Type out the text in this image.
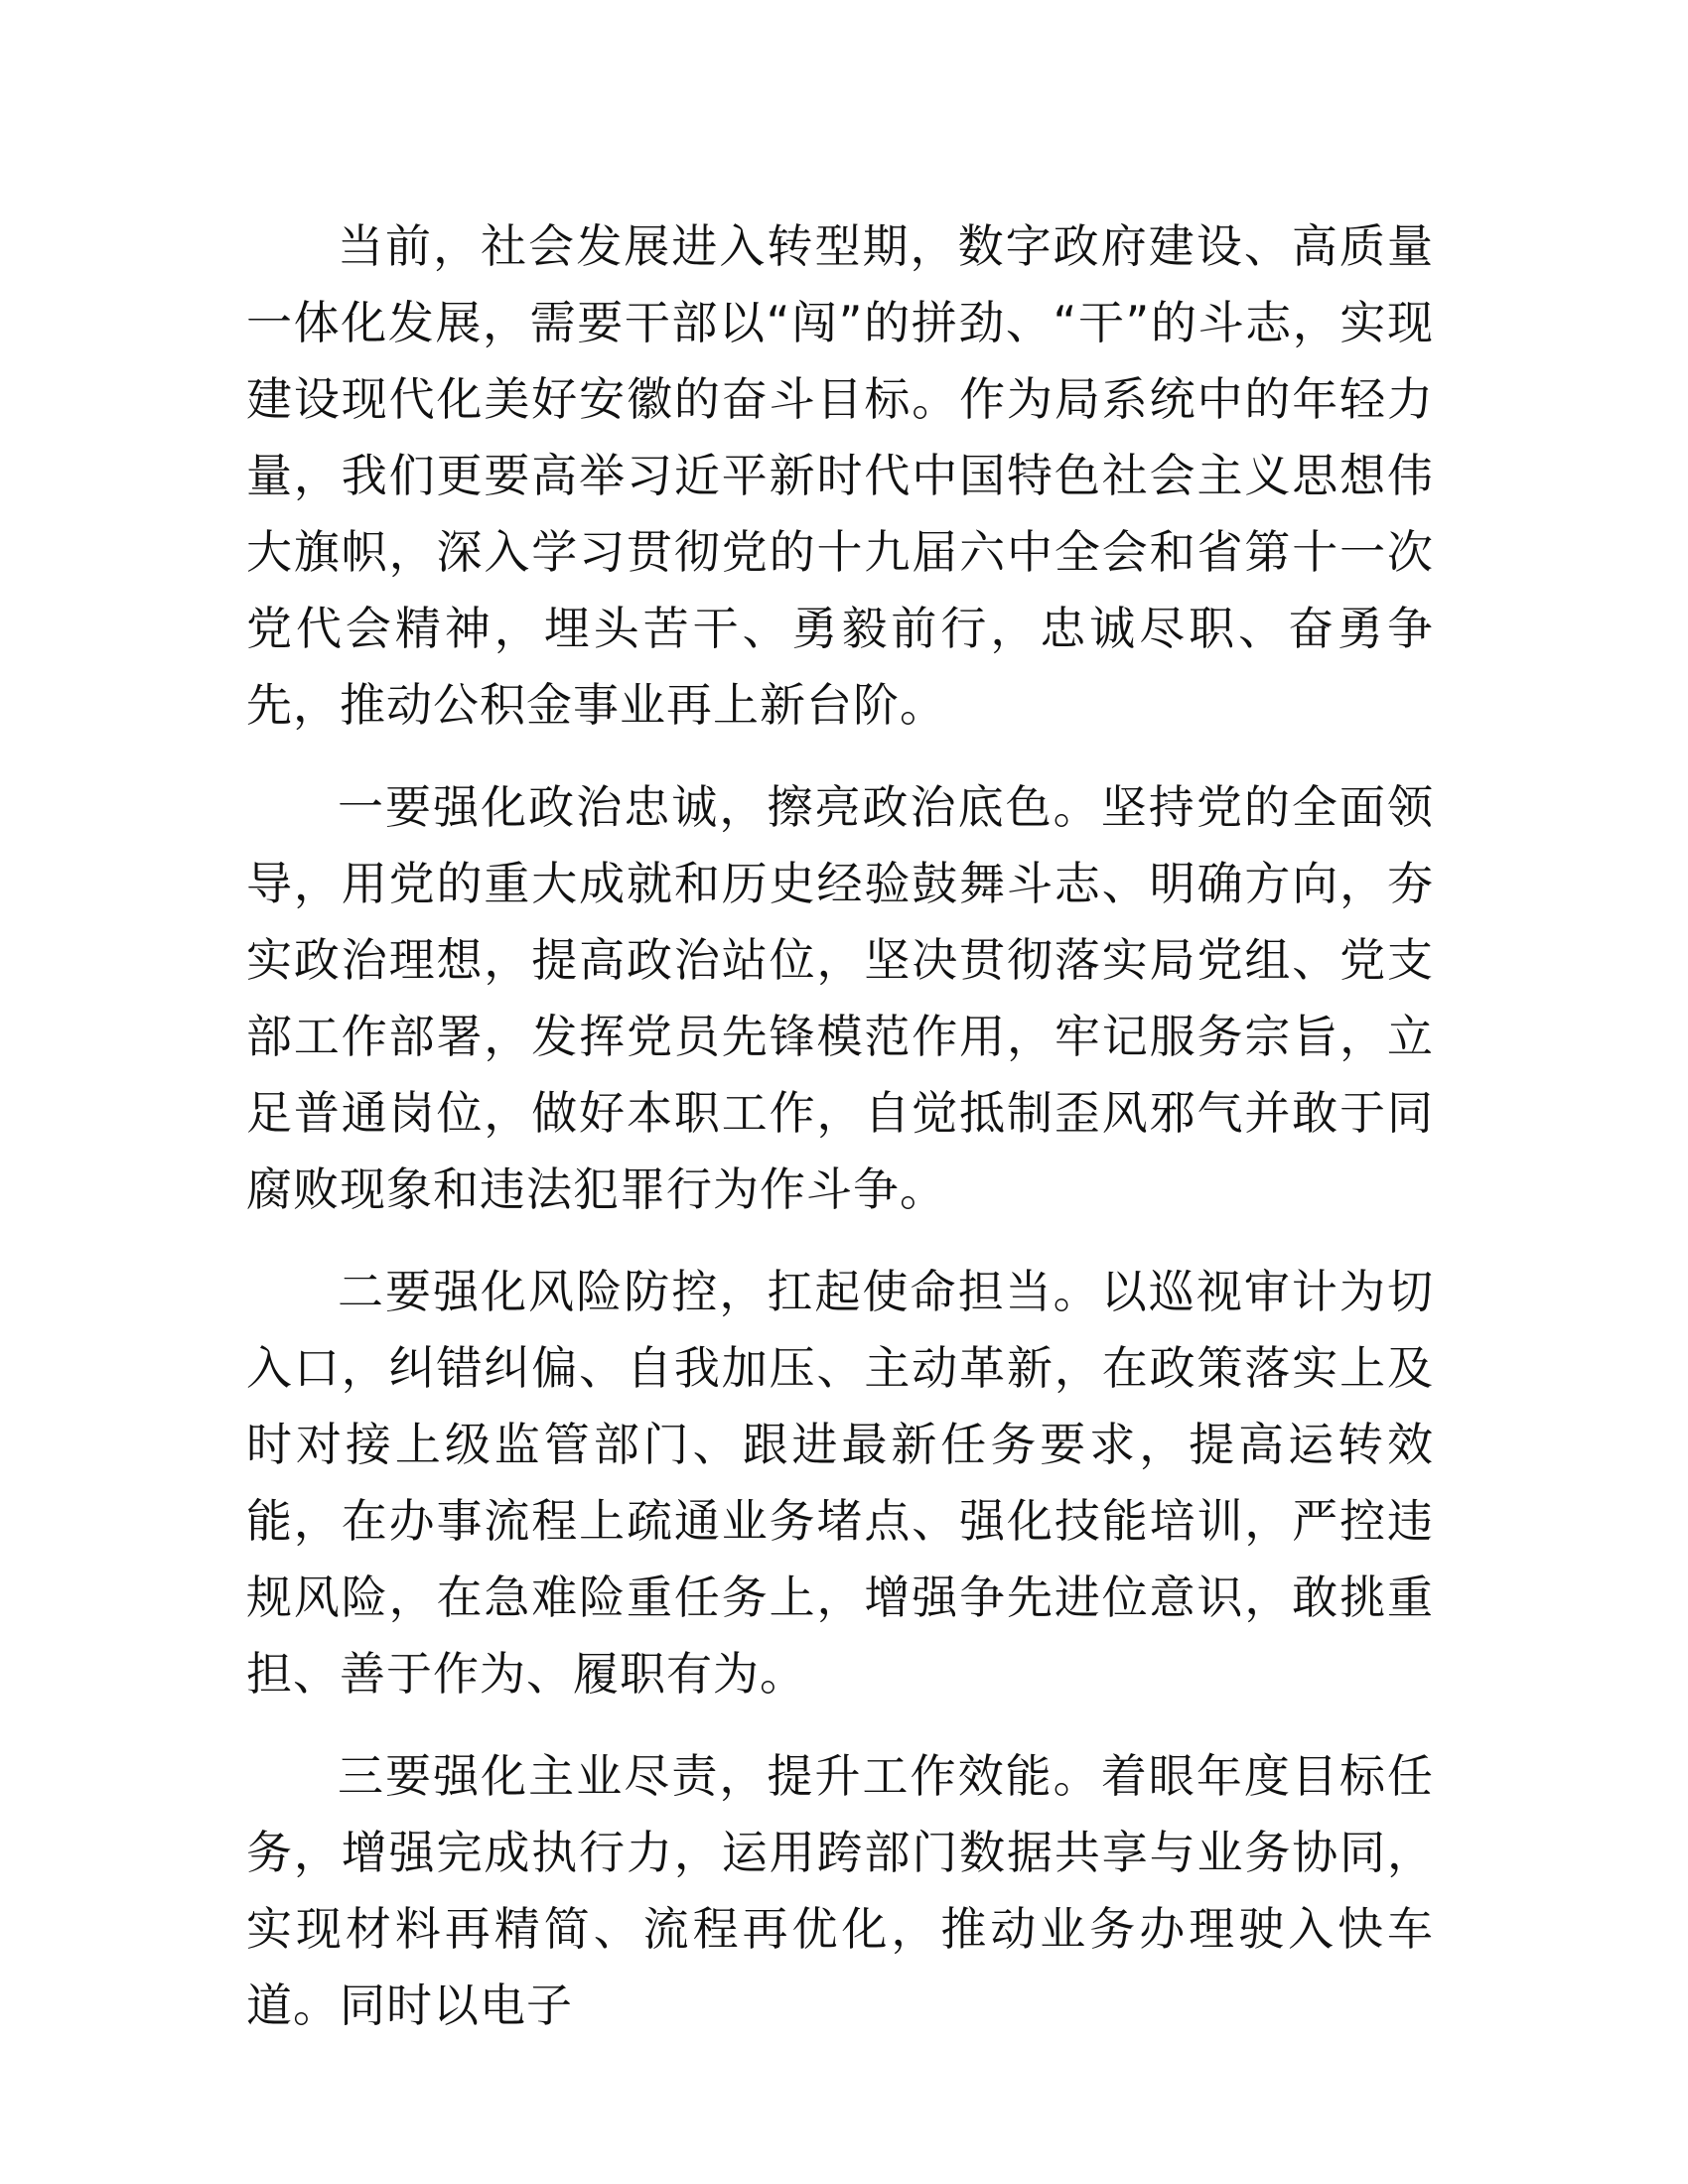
当前，社会发展进入转型期，数字政府建设、高质量一体化发展，需要干部以“闯”的拼劲、“干”的斗志，实现建设现代化美好安徽的奋斗目标。作为局系统中的年轻力量，我们更要高举习近平新时代中国特色社会主义思想伟大旗帜，深入学习贯彻党的十九届六中全会和省第十一次党代会精神，埋头苦干、勇毅前行，忠诚尽职、奋勇争先，推动公积金事业再上新台阶。

一要强化政治忠诚，擦亮政治底色。坚持党的全面领导，用党的重大成就和历史经验鼓舞斗志、明确方向，夯实政治理想，提高政治站位，坚决贯彻落实局党组、党支部工作部署，发挥党员先锋模范作用，牢记服务宗旨，立足普通岗位，做好本职工作，自觉抵制歪风邪气并敢于同腐败现象和违法犯罪行为作斗争。

二要强化风险防控，扛起使命担当。以巡视审计为切入口，纠错纠偏、自我加压、主动革新，在政策落实上及时对接上级监管部门、跟进最新任务要求，提高运转效能，在办事流程上疏通业务堵点、强化技能培训，严控违规风险，在急难险重任务上，增强争先进位意识，敢挑重担、善于作为、履职有为。

三要强化主业尽责，提升工作效能。着眼年度目标任务，增强完成执行力，运用跨部门数据共享与业务协同，实现材料再精简、流程再优化，推动业务办理驶入快车道。同时以电子
